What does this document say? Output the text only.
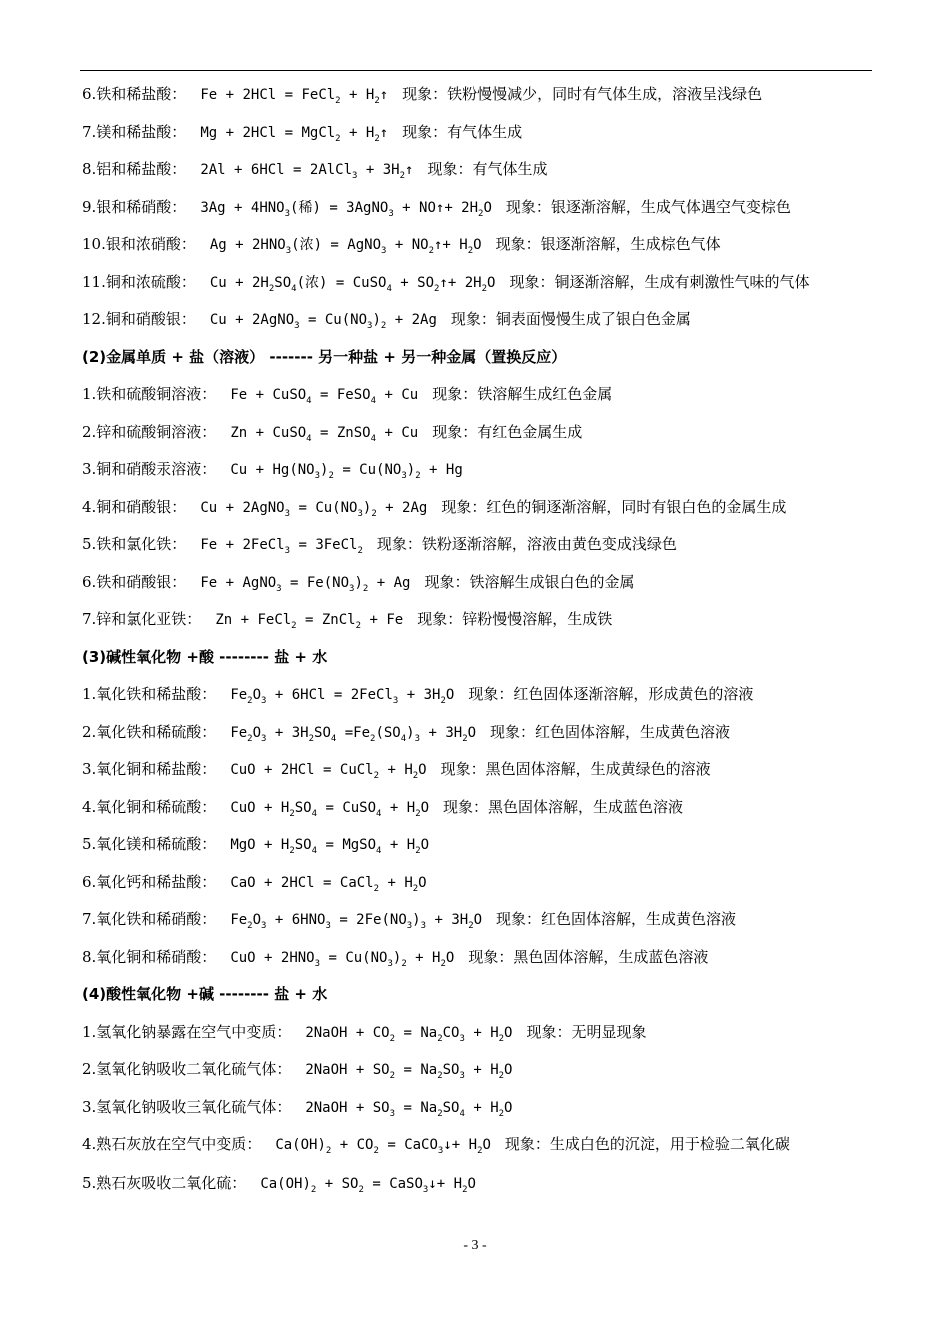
6.铁和稀盐酸： Fe + 2HCl = FeCl$_2$ + $H_2↑$ 现象：铁粉慢慢减少，同时有气体生成，溶液呈浅绿色
7.镁和稀盐酸： Mg + 2HCl = MgCl$_2$ + $H_2↑$ 现象：有气体生成
8.铝和稀盐酸： 2Al + 6HCl = 2AlCl$_3$ + $3H_2↑$ 现象：有气体生成
9.银和稀硝酸： $3Ag + 4HNO_3$(稀) = 3AgNO$_3$ + NO↑+ $2H_2O$ 现象：银逐渐溶解，生成气体遇空气变棕色
10.银和浓硝酸： $Ag + 2HNO_3$(浓) = AgNO$_3$ + $NO_2↑+ H_2O$ 现象：银逐渐溶解，生成棕色气体
11.铜和浓硫酸： $Cu + 2H_2SO_4$(浓) = CuSO$_4$ + $SO_2↑+ 2H_2O$ 现象：铜逐渐溶解，生成有刺激性气味的气体
12.铜和硝酸银： Cu + 2AgNO$_3$ = $Cu(NO_3)_2 + 2Ag$ 现象：铜表面慢慢生成了银白色金属
(2)金属单质 + 盐（溶液） ------- 另一种盐 + 另一种金属（置换反应）
1.铁和硫酸铜溶液： Fe + CuSO$_4$ = FeSO$_4$ + Cu 现象：铁溶解生成红色金属
2.锌和硫酸铜溶液： Zn + CuSO$_4$ = ZnSO$_4$ + Cu 现象：有红色金属生成
3.铜和硝酸汞溶液： $Cu + Hg(NO_3)_2 = Cu(NO_3)_2 + Hg$
4.铜和硝酸银： Cu + 2AgNO$_3$ = $Cu(NO_3)_2 + 2Ag$ 现象：红色的铜逐渐溶解，同时有银白色的金属生成
5.铁和氯化铁： Fe + 2FeCl$_3$ = 3FeCl$_2$ 现象：铁粉逐渐溶解，溶液由黄色变成浅绿色
6.铁和硝酸银： Fe + AgNO$_3$ = $Fe(NO_3)_2 + Ag$ 现象：铁溶解生成银白色的金属
7.锌和氯化亚铁： Zn + FeCl$_2$ = ZnCl$_2$ + Fe 现象：锌粉慢慢溶解，生成铁
(3)碱性氧化物 +酸 -------- 盐 + 水
1.氧化铁和稀盐酸： $Fe_2O_3 + 6HCl$ = 2FeCl$_3$ + $3H_2O$ 现象：红色固体逐渐溶解，形成黄色的溶液
2.氧化铁和稀硫酸： $Fe_2O_3 + 3H_2SO_4 =Fe_2(SO_4)_3 + 3H_2O$ 现象：红色固体溶解，生成黄色溶液
3.氧化铜和稀盐酸： CuO + 2HCl = CuCl$_2$ + $H_2O$ 现象：黑色固体溶解，生成黄绿色的溶液
4.氧化铜和稀硫酸： CuO + $H_2SO_4$ = CuSO$_4$ + $H_2O$ 现象：黑色固体溶解，生成蓝色溶液
5.氧化镁和稀硫酸： MgO + $H_2SO_4$ = MgSO$_4$ + $H_2O$
6.氧化钙和稀盐酸： CaO + 2HCl = CaCl$_2$ + $H_2O$
7.氧化铁和稀硝酸： $Fe_2O_3 + 6HNO_3 = 2Fe(NO_3)_3 + 3H_2O$ 现象：红色固体溶解，生成黄色溶液
8.氧化铜和稀硝酸： CuO + $2HNO_3 = Cu(NO_3)_2 + H_2O$ 现象：黑色固体溶解，生成蓝色溶液
(4)酸性氧化物 +碱 -------- 盐 + 水
1.氢氧化钠暴露在空气中变质： 2NaOH + $CO_2 = Na_2CO_3 + H_2O$ 现象：无明显现象
2.氢氧化钠吸收二氧化硫气体： 2NaOH + $SO_2 = Na_2SO_3 + H_2O$
3.氢氧化钠吸收三氧化硫气体： 2NaOH + $SO_3 = Na_2SO_4 + H_2O$
4.熟石灰放在空气中变质： $Ca(OH)_2 + CO_2$ = CaCO$_3$↓+ $H_2O$ 现象：生成白色的沉淀，用于检验二氧化碳
5.熟石灰吸收二氧化硫： $Ca(OH)_2 + SO_2$ = CaSO$_3$↓+ $H_2O$
- 3 -
